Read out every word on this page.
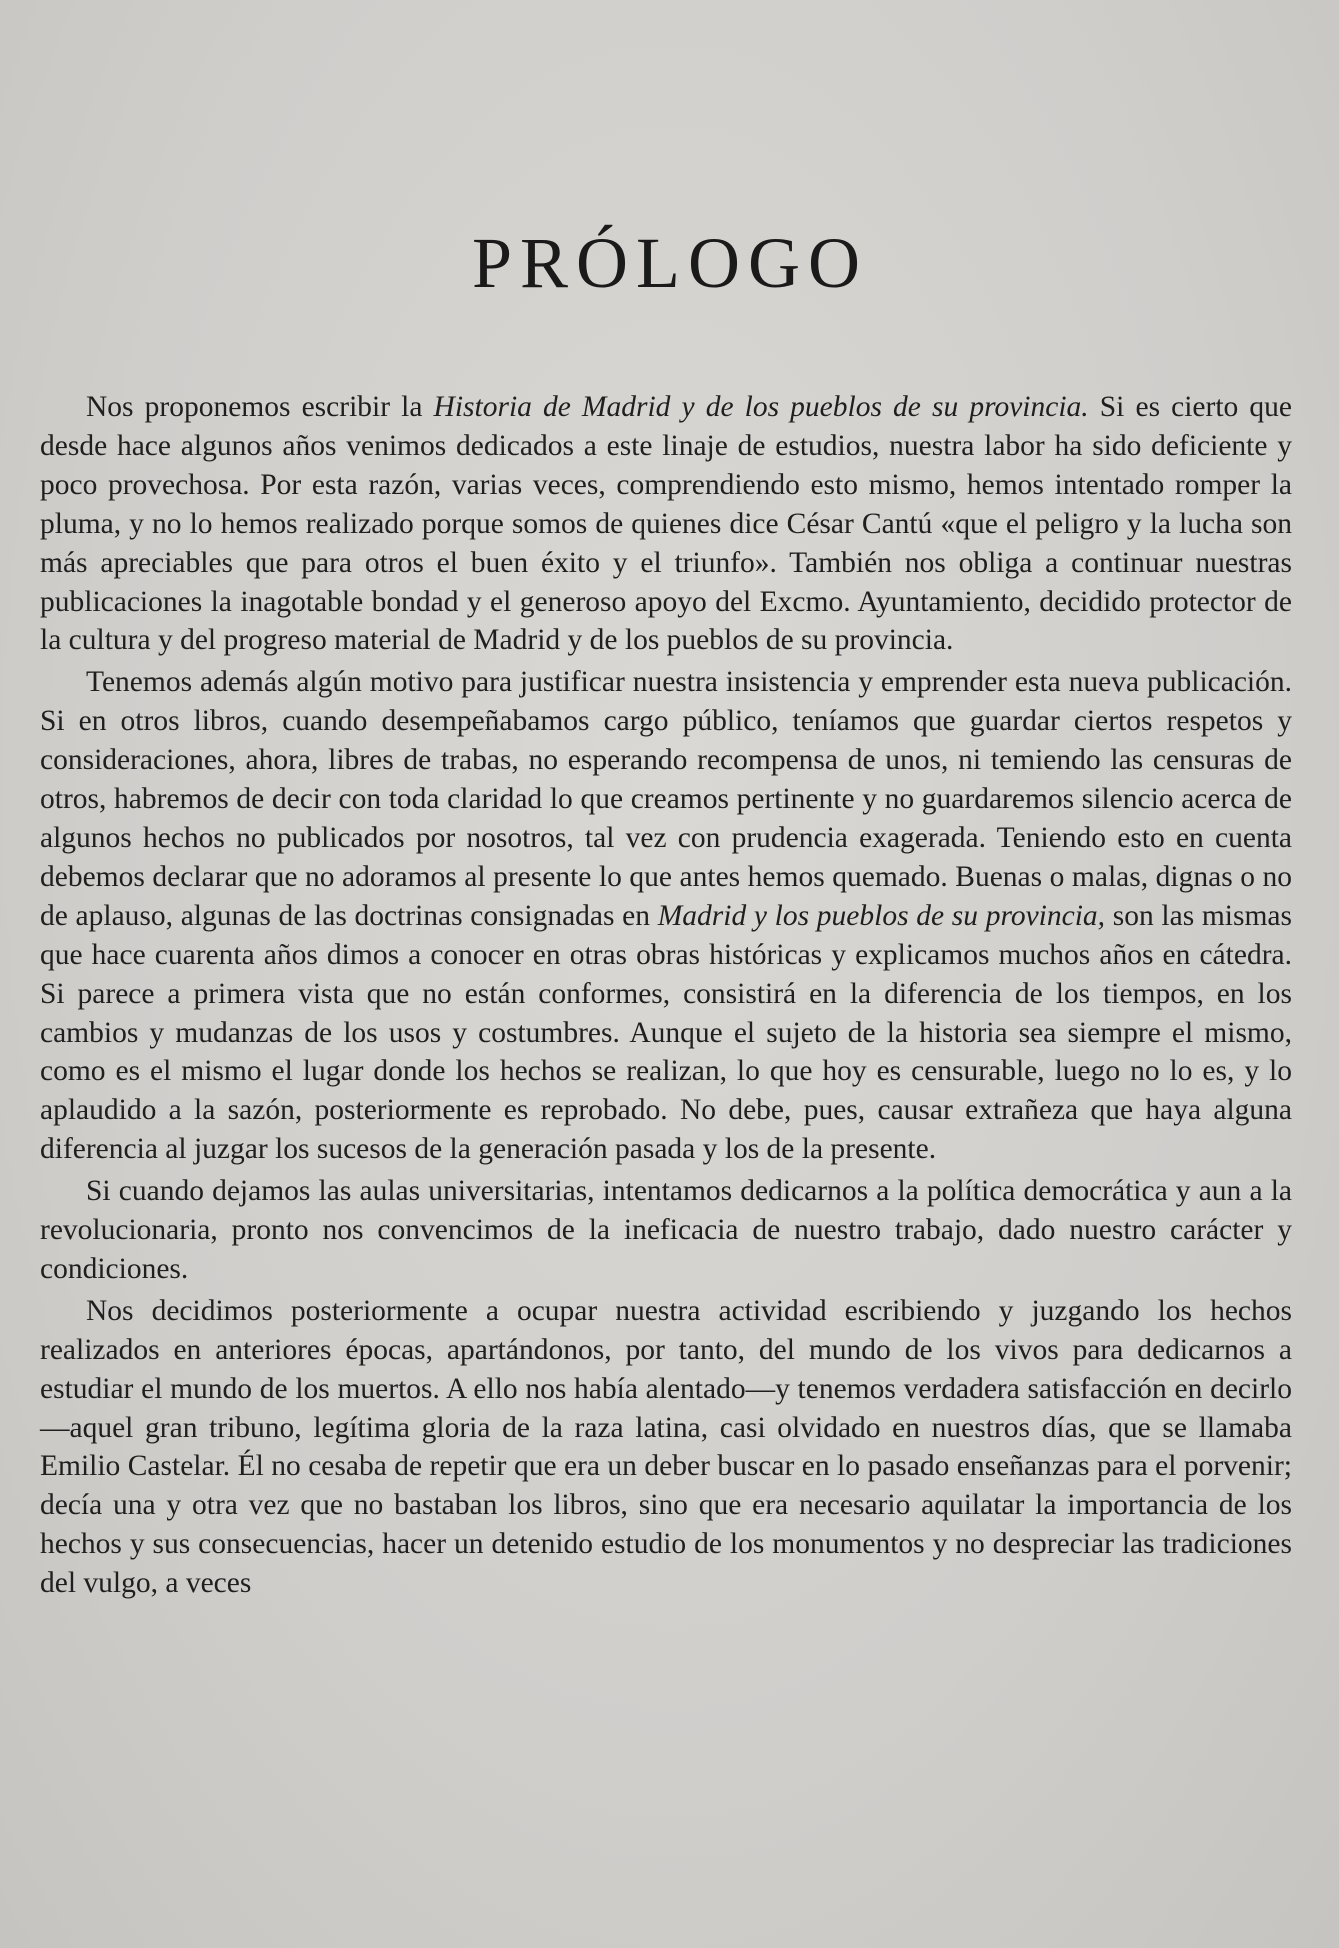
PRÓLOGO

Nos proponemos escribir la Historia de Madrid y de los pueblos de su provincia. Si es cierto que desde hace algunos años venimos dedicados a este linaje de estudios, nuestra labor ha sido deficiente y poco provechosa. Por esta razón, varias veces, comprendiendo esto mismo, hemos intentado romper la pluma, y no lo hemos realizado porque somos de quienes dice César Cantú «que el peligro y la lucha son más apreciables que para otros el buen éxito y el triunfo». También nos obliga a continuar nuestras publicaciones la inagotable bondad y el generoso apoyo del Excmo. Ayuntamiento, decidido protector de la cultura y del progreso material de Madrid y de los pueblos de su provincia.

Tenemos además algún motivo para justificar nuestra insistencia y emprender esta nueva publicación. Si en otros libros, cuando desempeñabamos cargo público, teníamos que guardar ciertos respetos y consideraciones, ahora, libres de trabas, no esperando recompensa de unos, ni temiendo las censuras de otros, habremos de decir con toda claridad lo que creamos pertinente y no guardaremos silencio acerca de algunos hechos no publicados por nosotros, tal vez con prudencia exagerada. Teniendo esto en cuenta debemos declarar que no adoramos al presente lo que antes hemos quemado. Buenas o malas, dignas o no de aplauso, algunas de las doctrinas consignadas en Madrid y los pueblos de su provincia, son las mismas que hace cuarenta años dimos a conocer en otras obras históricas y explicamos muchos años en cátedra. Si parece a primera vista que no están conformes, consistirá en la diferencia de los tiempos, en los cambios y mudanzas de los usos y costumbres. Aunque el sujeto de la historia sea siempre el mismo, como es el mismo el lugar donde los hechos se realizan, lo que hoy es censurable, luego no lo es, y lo aplaudido a la sazón, posteriormente es reprobado. No debe, pues, causar extrañeza que haya alguna diferencia al juzgar los sucesos de la generación pasada y los de la presente.

Si cuando dejamos las aulas universitarias, intentamos dedicarnos a la política democrática y aun a la revolucionaria, pronto nos convencimos de la ineficacia de nuestro trabajo, dado nuestro carácter y condiciones.

Nos decidimos posteriormente a ocupar nuestra actividad escribiendo y juzgando los hechos realizados en anteriores épocas, apartándonos, por tanto, del mundo de los vivos para dedicarnos a estudiar el mundo de los muertos. A ello nos había alentado—y tenemos verdadera satisfacción en decirlo—aquel gran tribuno, legítima gloria de la raza latina, casi olvidado en nuestros días, que se llamaba Emilio Castelar. Él no cesaba de repetir que era un deber buscar en lo pasado enseñanzas para el porvenir; decía una y otra vez que no bastaban los libros, sino que era necesario aquilatar la importancia de los hechos y sus consecuencias, hacer un detenido estudio de los monumentos y no despreciar las tradiciones del vulgo, a veces
